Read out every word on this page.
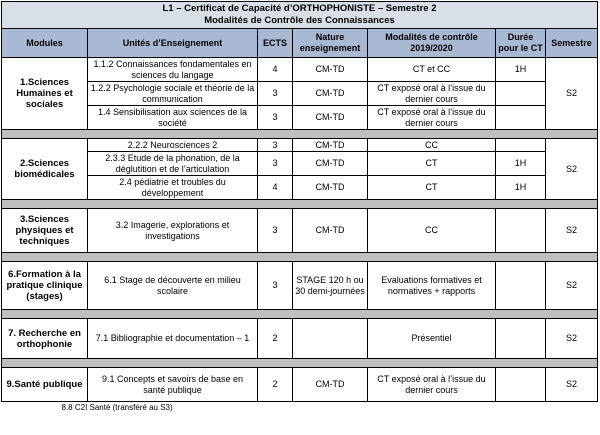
L1 – Certificat de Capacité d’ORTHOPHONISTE – Semestre 2
Modalités de Contrôle des Connaissances						

Modules	Unités d’Enseignement	ECTS	Nature enseignement	Modalités de contrôle 2019/2020	Durée pour le CT	Semestre
1.Sciences Humaines et sociales	1.1.2 Connaissances fondamentales en sciences du langage	4	CM-TD	CT et CC	1H	S2
	1.2.2 Psychologie sociale et théorie de la communication	3	CM-TD	CT exposé oral à l’issue du dernier cours		
	1.4 Sensibilisation aux sciences de la société	3	CM-TD	CT exposé oral à l’issue du dernier cours		

2.Sciences biomédicales	2.2.2 Neurosciences 2	3	CM-TD	CC		S2
	2.3.3 Etude de la phonation, de la déglutition et de l’articulation	3	CM-TD	CT	1H	
	2.4 pédiatrie et troubles du développement	4	CM-TD	CT	1H	

3.Sciences physiques et techniques	3.2 Imagerie, explorations et investigations	3	CM-TD	CC		S2

6.Formation à la pratique clinique (stages)	6.1 Stage de découverte en milieu scolaire	3	STAGE 120 h ou 30 demi-journées	Evaluations formatives et normatives + rapports		S2

7. Recherche en orthophonie	7.1 Bibliographie et documentation – 1	2		Présentiel		S2

9.Santé publique	9.1 Concepts et savoirs de base en santé publique	2	CM-TD	CT exposé oral à l’issue du dernier cours		S2
8.8 C2I Santé (transféré au S3)						
